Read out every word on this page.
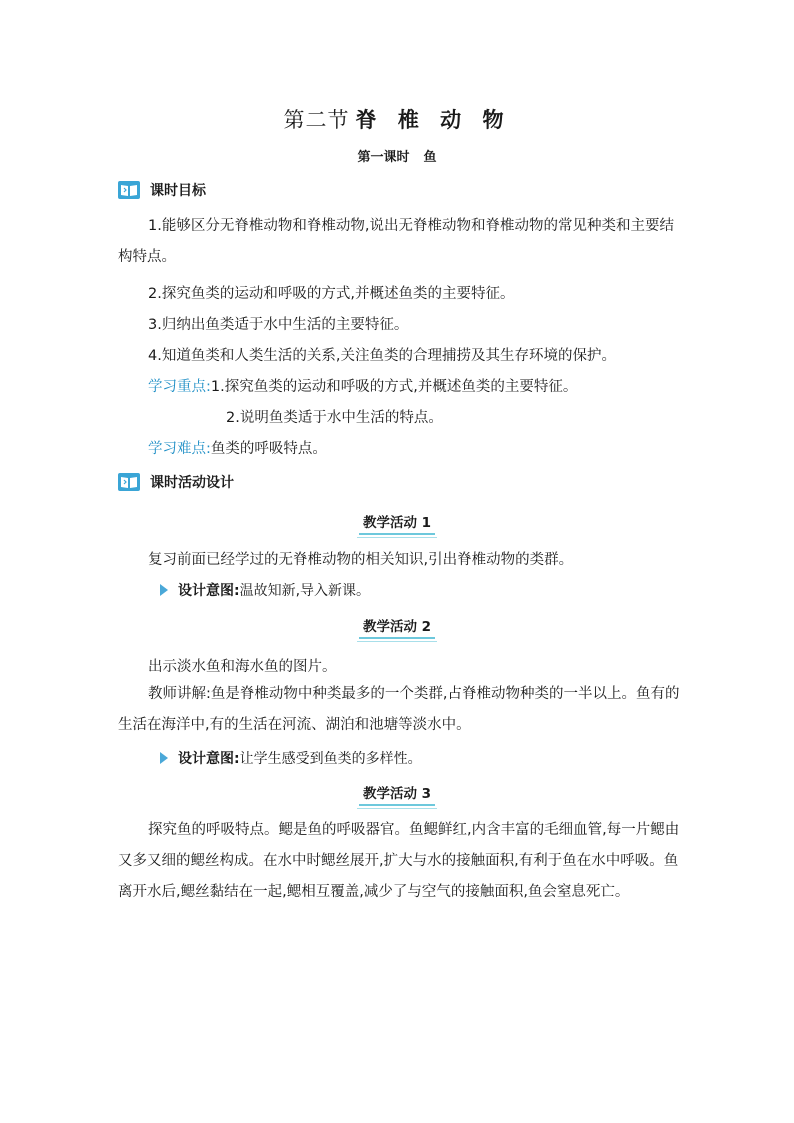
第二节 脊 椎 动 物
第一课时 鱼
课时目标

1.能够区分无脊椎动物和脊椎动物,说出无脊椎动物和脊椎动物的常见种类和主要结构特点。

2.探究鱼类的运动和呼吸的方式,并概述鱼类的主要特征。
3.归纳出鱼类适于水中生活的主要特征。
4.知道鱼类和人类生活的关系,关注鱼类的合理捕捞及其生存环境的保护。
学习重点:1.探究鱼类的运动和呼吸的方式,并概述鱼类的主要特征。
2.说明鱼类适于水中生活的特点。
学习难点:鱼类的呼吸特点。
课时活动设计
教学活动 1
复习前面已经学过的无脊椎动物的相关知识,引出脊椎动物的类群。
设计意图: 温故知新,导入新课。
教学活动 2
出示淡水鱼和海水鱼的图片。

教师讲解:鱼是脊椎动物中种类最多的一个类群,占脊椎动物种类的一半以上。鱼有的生活在海洋中,有的生活在河流、湖泊和池塘等淡水中。

设计意图: 让学生感受到鱼类的多样性。
教学活动 3

探究鱼的呼吸特点。鳃是鱼的呼吸器官。鱼鳃鲜红,内含丰富的毛细血管,每一片鳃由又多又细的鳃丝构成。在水中时鳃丝展开,扩大与水的接触面积,有利于鱼在水中呼吸。鱼离开水后,鳃丝黏结在一起,鳃相互覆盖,减少了与空气的接触面积,鱼会窒息死亡。
